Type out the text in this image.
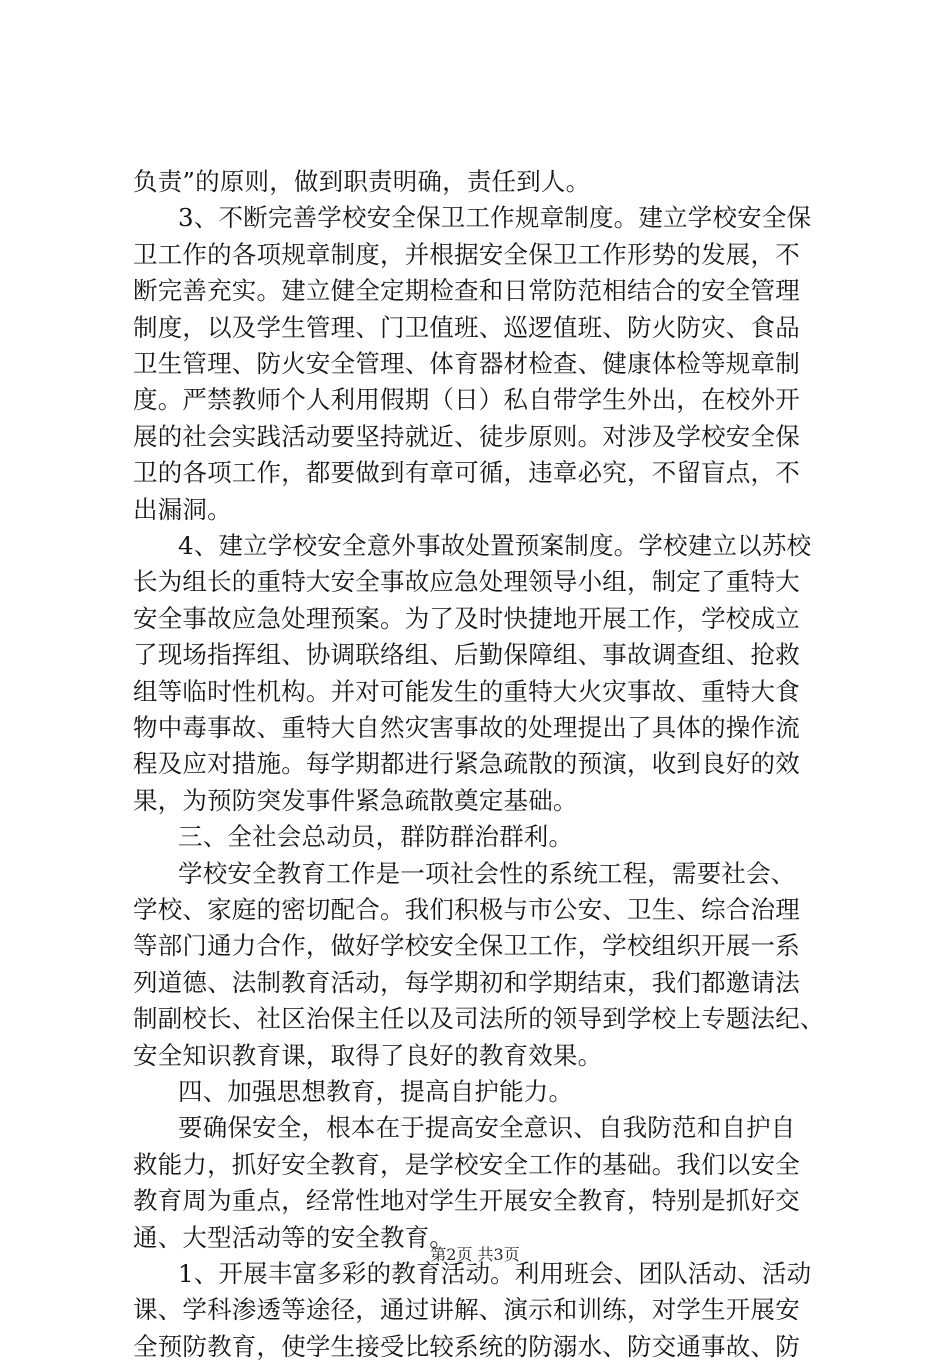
负责”的原则，做到职责明确，责任到人。
3、不断完善学校安全保卫工作规章制度。建立学校安全保
卫工作的各项规章制度，并根据安全保卫工作形势的发展，不
断完善充实。建立健全定期检查和日常防范相结合的安全管理
制度，以及学生管理、门卫值班、巡逻值班、防火防灾、食品
卫生管理、防火安全管理、体育器材检查、健康体检等规章制
度。严禁教师个人利用假期（日）私自带学生外出，在校外开
展的社会实践活动要坚持就近、徒步原则。对涉及学校安全保
卫的各项工作，都要做到有章可循，违章必究，不留盲点，不
出漏洞。
4、建立学校安全意外事故处置预案制度。学校建立以苏校
长为组长的重特大安全事故应急处理领导小组，制定了重特大
安全事故应急处理预案。为了及时快捷地开展工作，学校成立
了现场指挥组、协调联络组、后勤保障组、事故调查组、抢救
组等临时性机构。并对可能发生的重特大火灾事故、重特大食
物中毒事故、重特大自然灾害事故的处理提出了具体的操作流
程及应对措施。每学期都进行紧急疏散的预演，收到良好的效
果，为预防突发事件紧急疏散奠定基础。
三、全社会总动员，群防群治群利。
学校安全教育工作是一项社会性的系统工程，需要社会、
学校、家庭的密切配合。我们积极与市公安、卫生、综合治理
等部门通力合作，做好学校安全保卫工作，学校组织开展一系
列道德、法制教育活动，每学期初和学期结束，我们都邀请法
制副校长、社区治保主任以及司法所的领导到学校上专题法纪、
安全知识教育课，取得了良好的教育效果。
四、加强思想教育，提高自护能力。
要确保安全，根本在于提高安全意识、自我防范和自护自
救能力，抓好安全教育，是学校安全工作的基础。我们以安全
教育周为重点，经常性地对学生开展安全教育，特别是抓好交
通、大型活动等的安全教育。
1、开展丰富多彩的教育活动。利用班会、团队活动、活动
课、学科渗透等途径，通过讲解、演示和训练，对学生开展安
全预防教育，使学生接受比较系统的防溺水、防交通事故、防
第2页 共3页
